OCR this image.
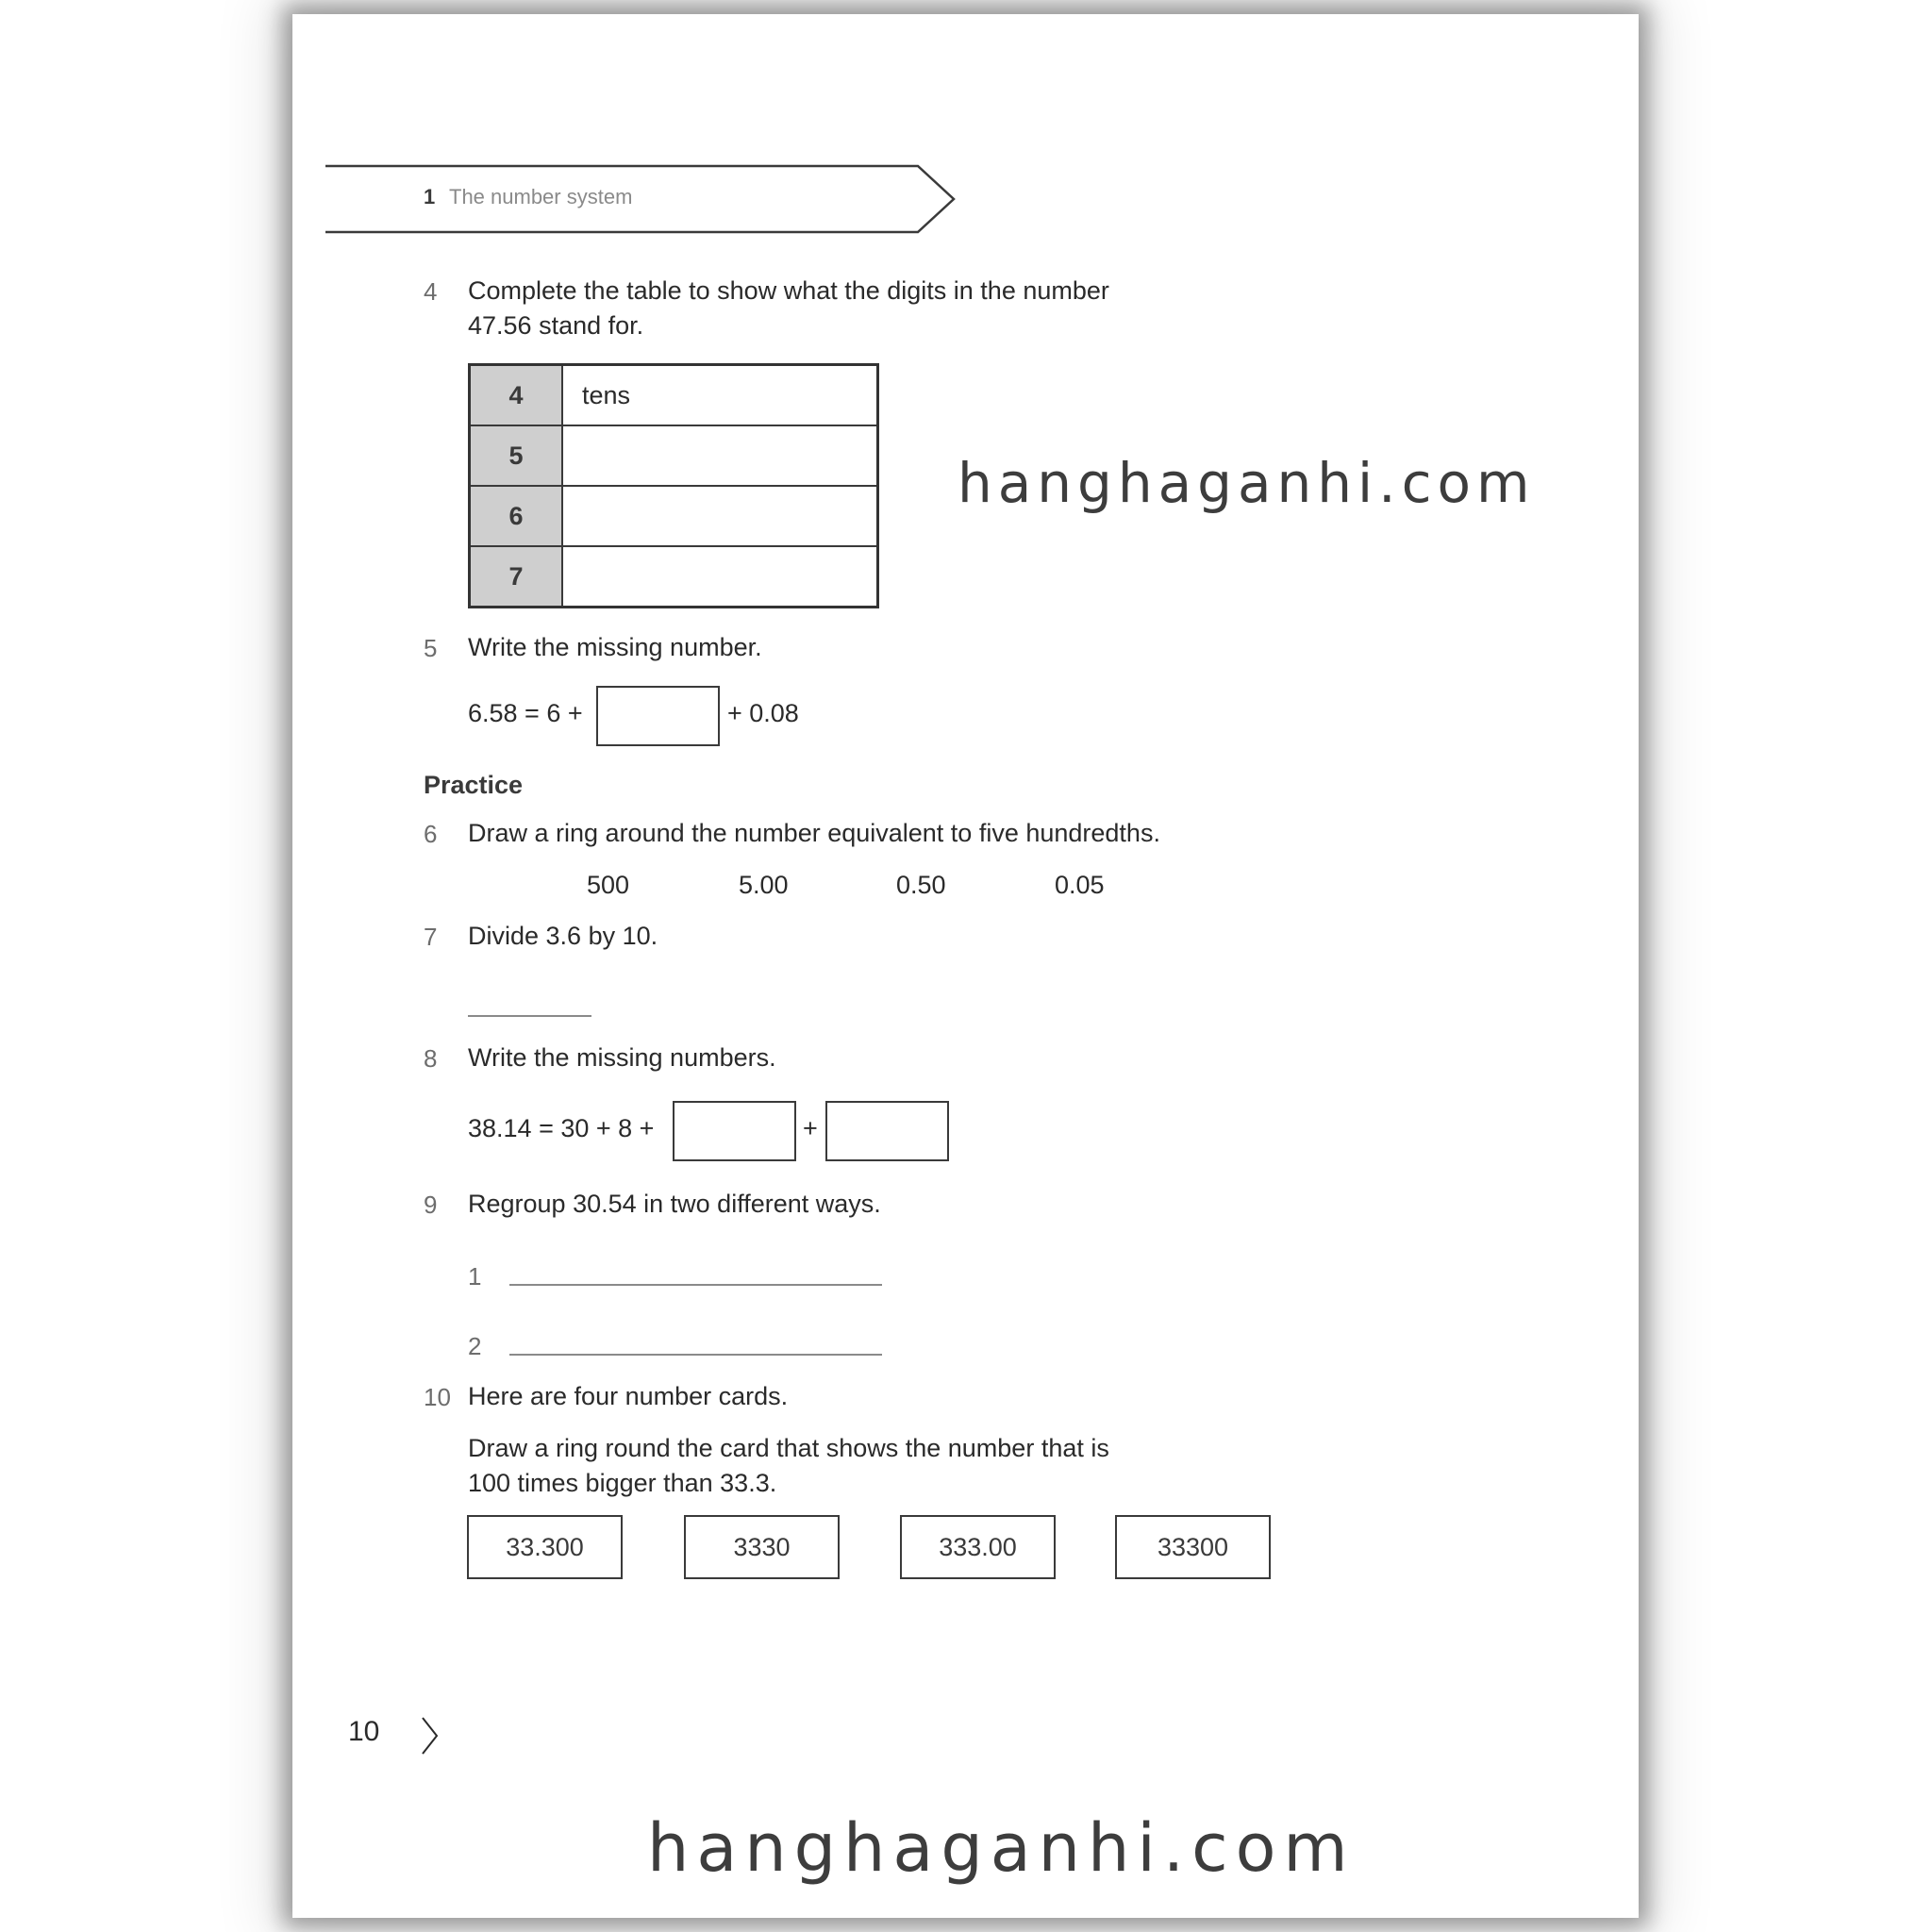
1 The number system
4 Complete the table to show what the digits in the number
47.56 stand for.
4	tens
5	
6	
7	
hanghaganhi.com
5 Write the missing number.
6.58 = 6 +	+ 0.08
Practice
6 Draw a ring around the number equivalent to five hundredths.
500	5.00	0.50	0.05
7 Divide 3.6 by 10.
8 Write the missing numbers.
38.14 = 30 + 8 +	+
9 Regroup 30.54 in two different ways.
1
2
10 Here are four number cards.
Draw a ring round the card that shows the number that is
100 times bigger than 33.3.
33.300	3330	333.00	33300
10
hanghaganhi.com
